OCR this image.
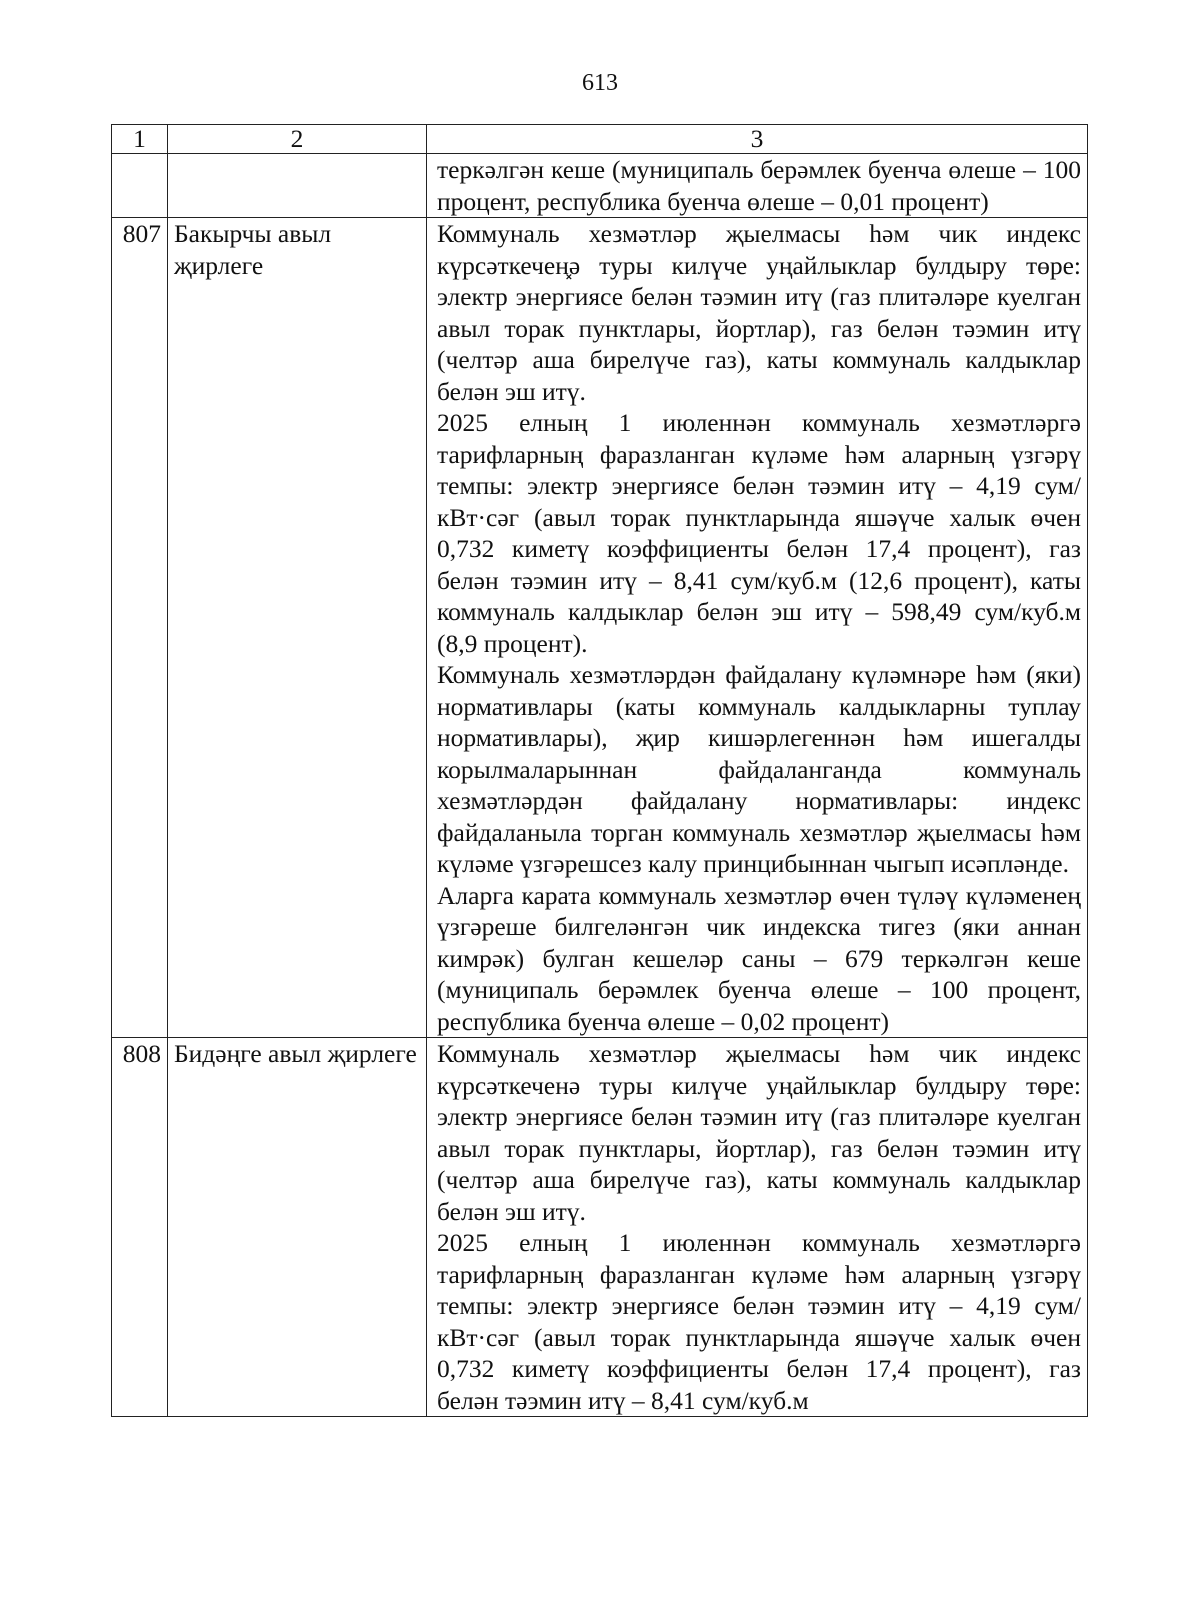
613
1	2	3

		теркәлгән кеше (муниципаль берәмлек буенча өлеше – 100 процент, республика буенча өлеше – 0,01 процент)

807	Бакырчы авыл җирлеге	Коммуналь хезмәтләр җыелмасы һәм чик индекс күрсәткечен͓ә туры килүче уңайлыклар булдыру төре: электр энергиясе белән тәэмин итү (газ плитәләре куелган авыл торак пунктлары, йортлар), газ белән тәэмин итү (челтәр аша бирелүче газ), каты коммуналь калдыклар белән эш итү.

2025 елның 1 июленнән коммуналь хезмәтләргә тарифларның фаразланган күләме һәм аларның үзгәрү темпы: электр энергиясе белән тәэмин итү – 4,19 сум/кВт·сәг (авыл торак пунктларында яшәүче халык өчен 0,732 киметү коэффициенты белән 17,4 процент), газ белән тәэмин итү – 8,41 сум/куб.м (12,6 процент), каты коммуналь калдыклар белән эш итү – 598,49 сум/куб.м (8,9 процент).

Коммуналь хезмәтләрдән файдалану күләмнәре һәм (яки) нормативлары (каты коммуналь калдыкларны туплау нормативлары), җир кишәрлегеннән һәм ишегалды корылмаларыннан файдаланганда коммуналь хезмәтләрдән файдалану нормативлары: индекс файдаланыла торган коммуналь хезмәтләр җыелмасы һәм күләме үзгәрешсез калу принцибыннан чыгып исәпләнде.

Аларга карата коммуналь хезмәтләр өчен түләү күләменең үзгәреше билгеләнгән чик индекска тигез (яки аннан кимрәк) булган кешеләр саны – 679 теркәлгән кеше (муниципаль берәмлек буенча өлеше – 100 процент, республика буенча өлеше – 0,02 процент)

808	Бидәңге авыл җирлеге	Коммуналь хезмәтләр җыелмасы һәм чик индекс күрсәткеченә туры килүче уңайлыклар булдыру төре: электр энергиясе белән тәэмин итү (газ плитәләре куелган авыл торак пунктлары, йортлар), газ белән тәэмин итү (челтәр аша бирелүче газ), каты коммуналь калдыклар белән эш итү.

2025 елның 1 июленнән коммуналь хезмәтләргә тарифларның фаразланган күләме һәм аларның үзгәрү темпы: электр энергиясе белән тәэмин итү – 4,19 сум/кВт·сәг (авыл торак пунктларында яшәүче халык өчен 0,732 киметү коэффициенты белән 17,4 процент), газ белән тәэмин итү – 8,41 сум/куб.м
